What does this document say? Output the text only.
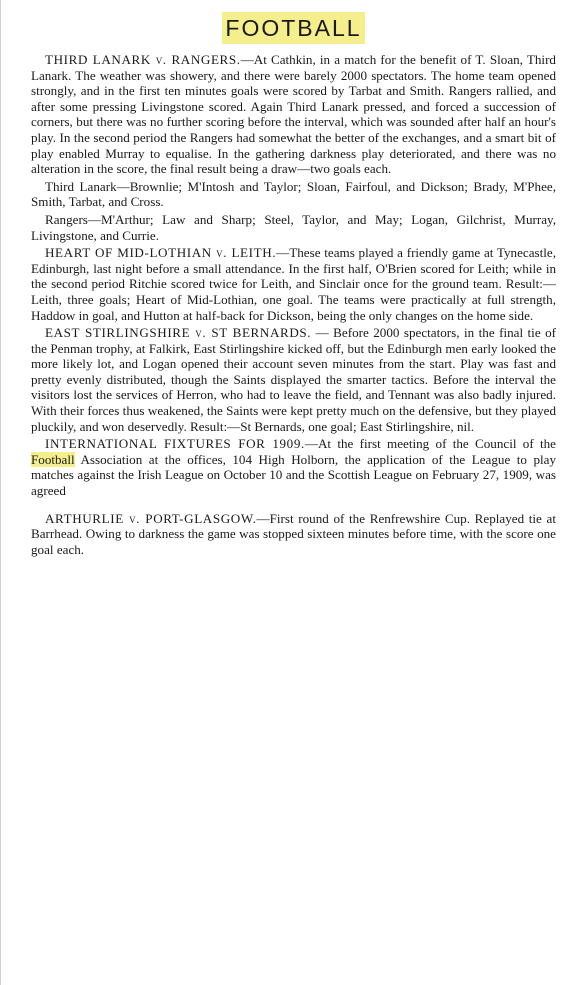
FOOTBALL

THIRD LANARK v. RANGERS.—At Cathkin, in a match for the benefit of T. Sloan, Third Lanark. The weather was showery, and there were barely 2000 spectators. The home team opened strongly, and in the first ten minutes goals were scored by Tarbat and Smith. Rangers rallied, and after some pressing Livingstone scored. Again Third Lanark pressed, and forced a succession of corners, but there was no further scoring before the interval, which was sounded after half an hour's play. In the second period the Rangers had somewhat the better of the exchanges, and a smart bit of play enabled Murray to equalise. In the gathering darkness play deteriorated, and there was no alteration in the score, the final result being a draw—two goals each.

Third Lanark—Brownlie; M'Intosh and Taylor; Sloan, Fairfoul, and Dickson; Brady, M'Phee, Smith, Tarbat, and Cross.

Rangers—M'Arthur; Law and Sharp; Steel, Taylor, and May; Logan, Gilchrist, Murray, Livingstone, and Currie.

HEART OF MID-LOTHIAN v. LEITH.—These teams played a friendly game at Tynecastle, Edinburgh, last night before a small attendance. In the first half, O'Brien scored for Leith; while in the second period Ritchie scored twice for Leith, and Sinclair once for the ground team. Result:—Leith, three goals; Heart of Mid-Lothian, one goal. The teams were practically at full strength, Haddow in goal, and Hutton at half-back for Dickson, being the only changes on the home side.

EAST STIRLINGSHIRE v. ST BERNARDS. — Before 2000 spectators, in the final tie of the Penman trophy, at Falkirk, East Stirlingshire kicked off, but the Edinburgh men early looked the more likely lot, and Logan opened their account seven minutes from the start. Play was fast and pretty evenly distributed, though the Saints displayed the smarter tactics. Before the interval the visitors lost the services of Herron, who had to leave the field, and Tennant was also badly injured. With their forces thus weakened, the Saints were kept pretty much on the defensive, but they played pluckily, and won deservedly. Result:—St Bernards, one goal; East Stirlingshire, nil.

INTERNATIONAL FIXTURES FOR 1909.—At the first meeting of the Council of the Football Association at the offices, 104 High Holborn, the application of the League to play matches against the Irish League on October 10 and the Scottish League on February 27, 1909, was agreed

ARTHURLIE v. PORT-GLASGOW.—First round of the Renfrewshire Cup. Replayed tie at Barrhead. Owing to darkness the game was stopped sixteen minutes before time, with the score one goal each.
